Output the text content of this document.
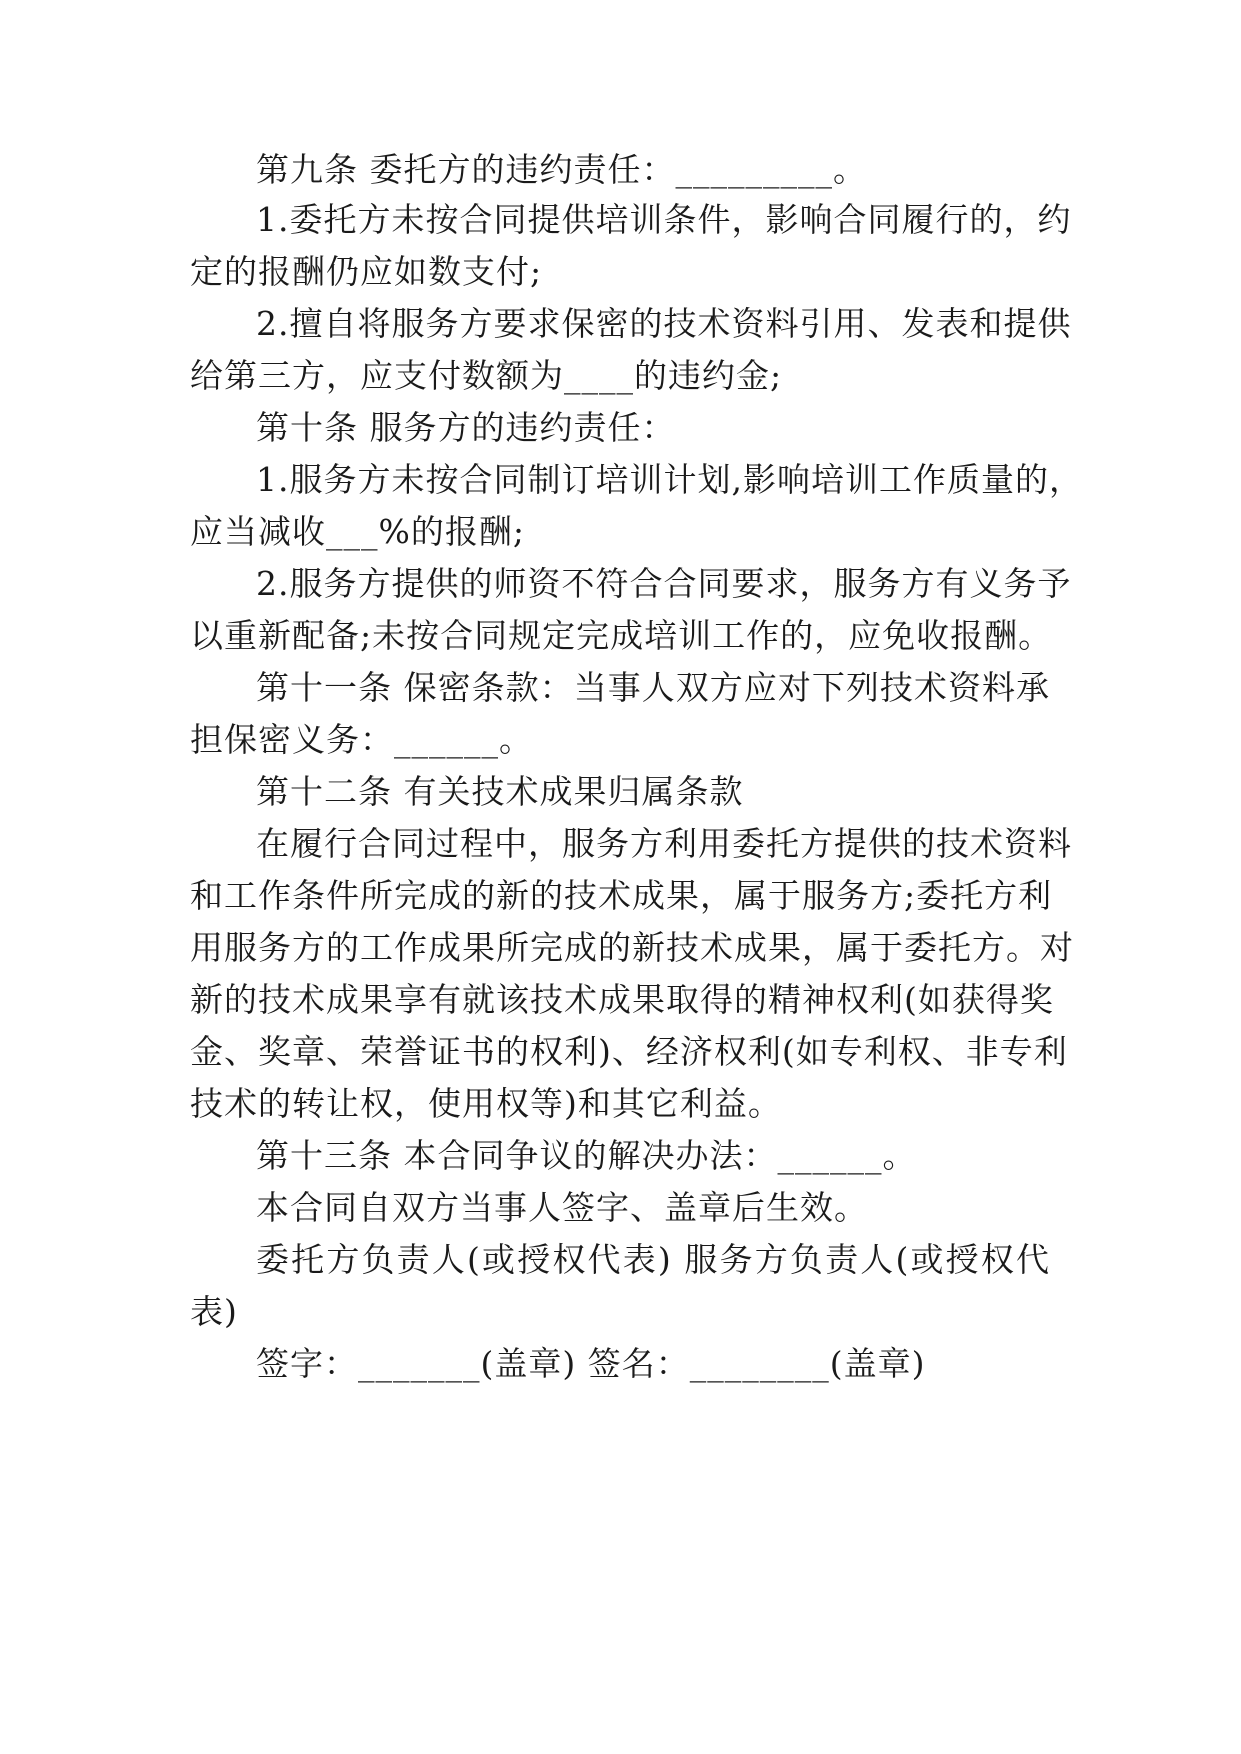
第九条 委托方的违约责任：_________。
1.委托方未按合同提供培训条件，影响合同履行的，约
定的报酬仍应如数支付;
2.擅自将服务方要求保密的技术资料引用、发表和提供
给第三方，应支付数额为____的违约金;
第十条 服务方的违约责任：
1.服务方未按合同制订培训计划,影响培训工作质量的，
应当减收___%的报酬;
2.服务方提供的师资不符合合同要求，服务方有义务予
以重新配备;未按合同规定完成培训工作的，应免收报酬。
第十一条 保密条款：当事人双方应对下列技术资料承
担保密义务：______。
第十二条 有关技术成果归属条款
在履行合同过程中，服务方利用委托方提供的技术资料
和工作条件所完成的新的技术成果，属于服务方;委托方利
用服务方的工作成果所完成的新技术成果，属于委托方。对
新的技术成果享有就该技术成果取得的精神权利(如获得奖
金、奖章、荣誉证书的权利)、经济权利(如专利权、非专利
技术的转让权，使用权等)和其它利益。
第十三条 本合同争议的解决办法：______。
本合同自双方当事人签字、盖章后生效。
委托方负责人(或授权代表) 服务方负责人(或授权代
表)
签字：_______(盖章) 签名：________(盖章)
